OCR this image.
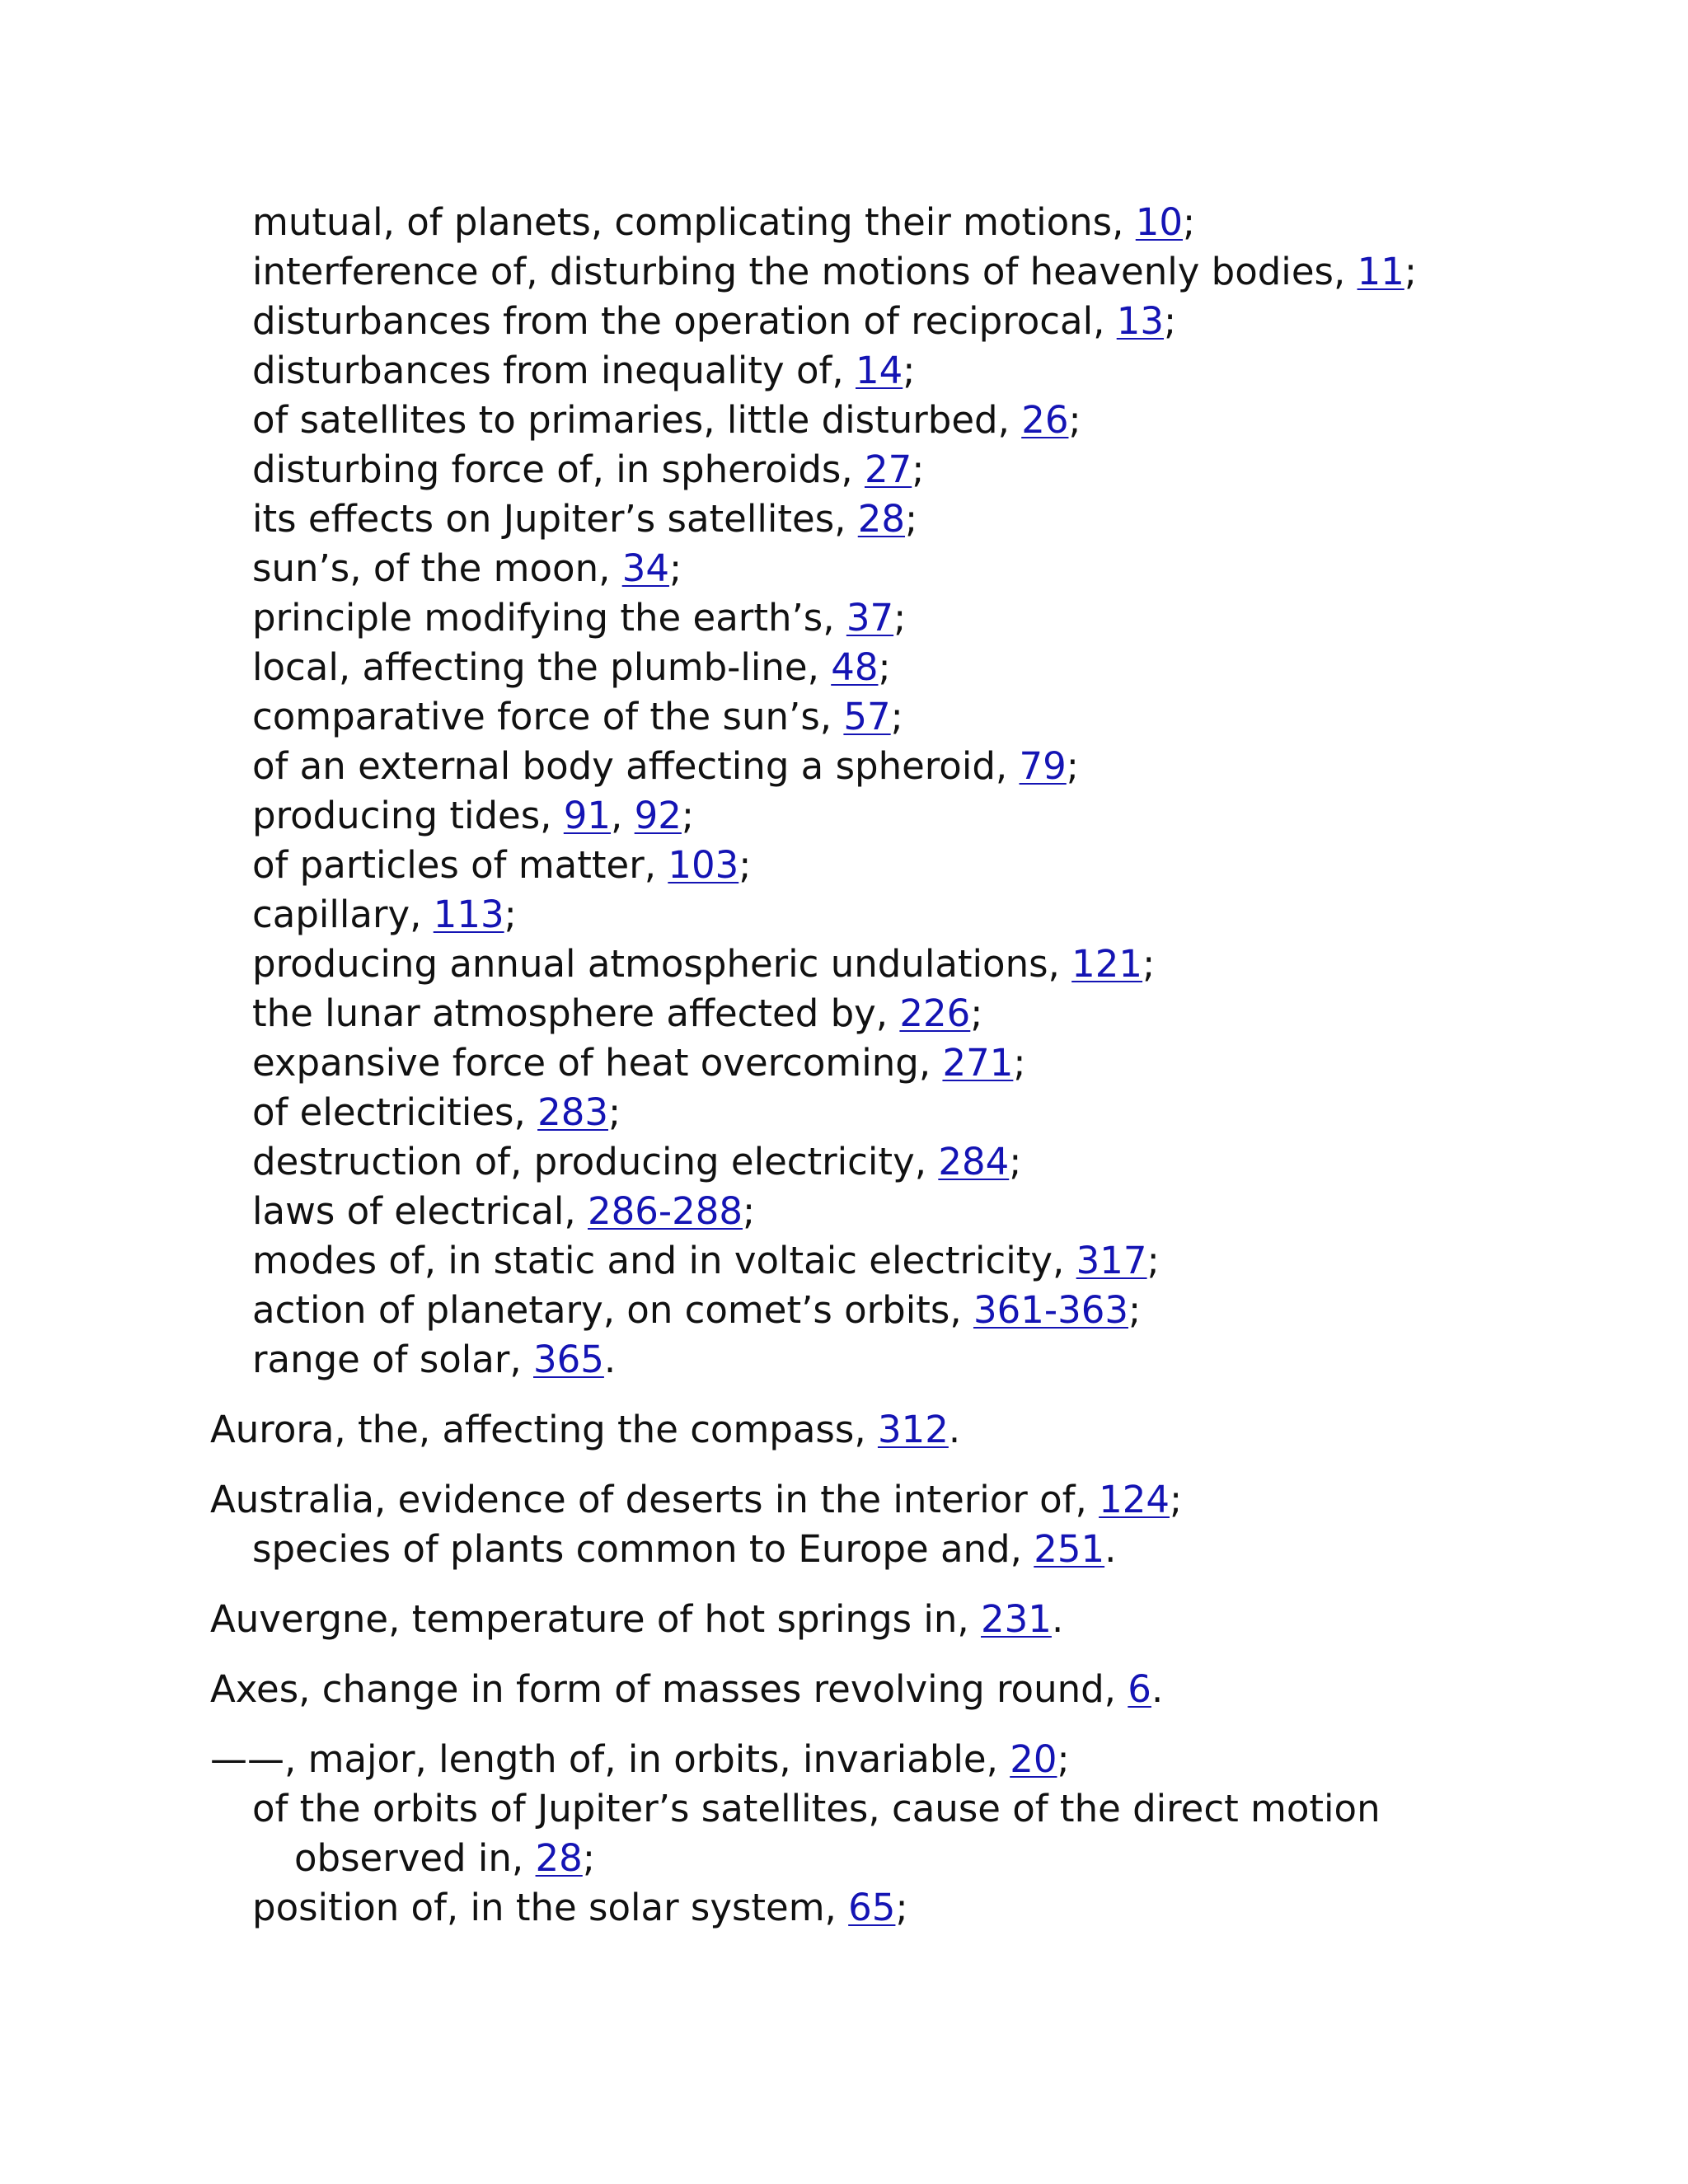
mutual, of planets, complicating their motions, 10;
interference of, disturbing the motions of heavenly bodies, 11;
disturbances from the operation of reciprocal, 13;
disturbances from inequality of, 14;
of satellites to primaries, little disturbed, 26;
disturbing force of, in spheroids, 27;
its effects on Jupiter’s satellites, 28;
sun’s, of the moon, 34;
principle modifying the earth’s, 37;
local, affecting the plumb-line, 48;
comparative force of the sun’s, 57;
of an external body affecting a spheroid, 79;
producing tides, 91, 92;
of particles of matter, 103;
capillary, 113;
producing annual atmospheric undulations, 121;
the lunar atmosphere affected by, 226;
expansive force of heat overcoming, 271;
of electricities, 283;
destruction of, producing electricity, 284;
laws of electrical, 286-288;
modes of, in static and in voltaic electricity, 317;
action of planetary, on comet’s orbits, 361-363;
range of solar, 365.
Aurora, the, affecting the compass, 312.
Australia, evidence of deserts in the interior of, 124;
species of plants common to Europe and, 251.
Auvergne, temperature of hot springs in, 231.
Axes, change in form of masses revolving round, 6.
——, major, length of, in orbits, invariable, 20;
of the orbits of Jupiter’s satellites, cause of the direct motion
observed in, 28;
position of, in the solar system, 65;
